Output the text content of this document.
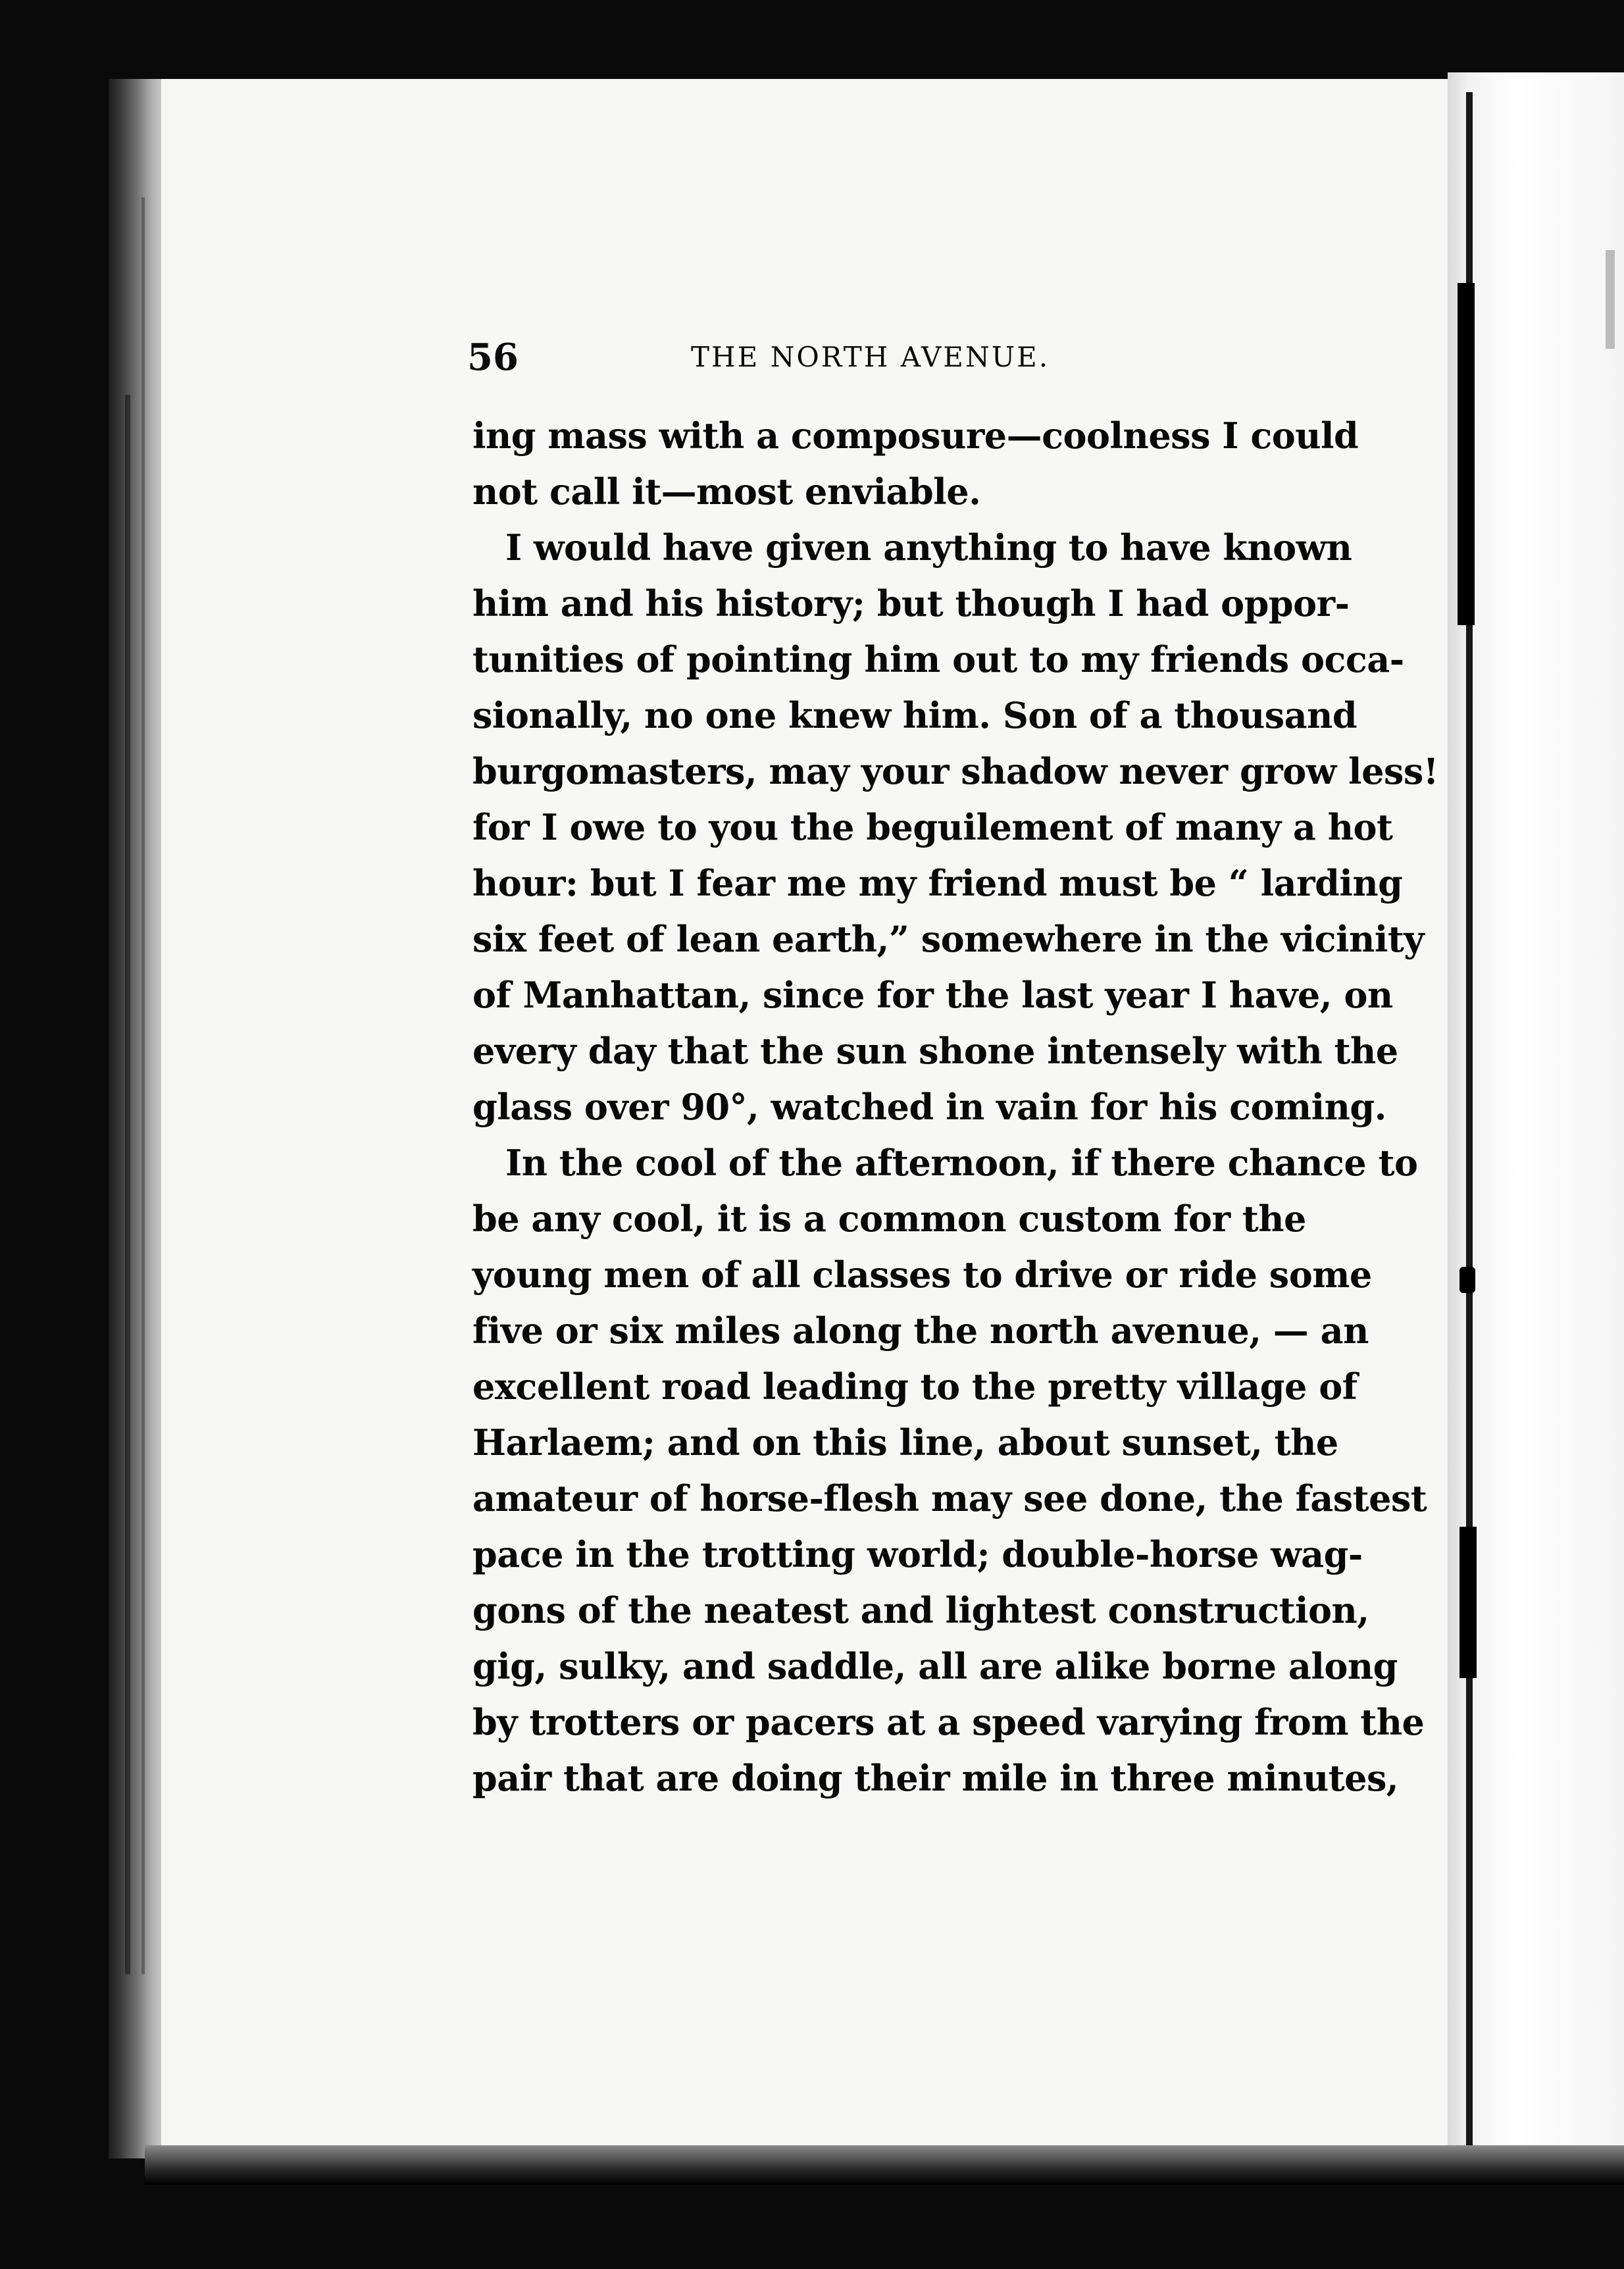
56	THE NORTH AVENUE.
ing mass with a composure—coolness I could
not call it—most enviable.
I would have given anything to have known
him and his history; but though I had oppor-
tunities of pointing him out to my friends occa-
sionally, no one knew him. Son of a thousand
burgomasters, may your shadow never grow less!
for I owe to you the beguilement of many a hot
hour: but I fear me my friend must be “ larding
six feet of lean earth,” somewhere in the vicinity
of Manhattan, since for the last year I have, on
every day that the sun shone intensely with the
glass over 90°, watched in vain for his coming.
In the cool of the afternoon, if there chance to
be any cool, it is a common custom for the
young men of all classes to drive or ride some
five or six miles along the north avenue, — an
excellent road leading to the pretty village of
Harlaem; and on this line, about sunset, the
amateur of horse-flesh may see done, the fastest
pace in the trotting world; double-horse wag-
gons of the neatest and lightest construction,
gig, sulky, and saddle, all are alike borne along
by trotters or pacers at a speed varying from the
pair that are doing their mile in three minutes,
